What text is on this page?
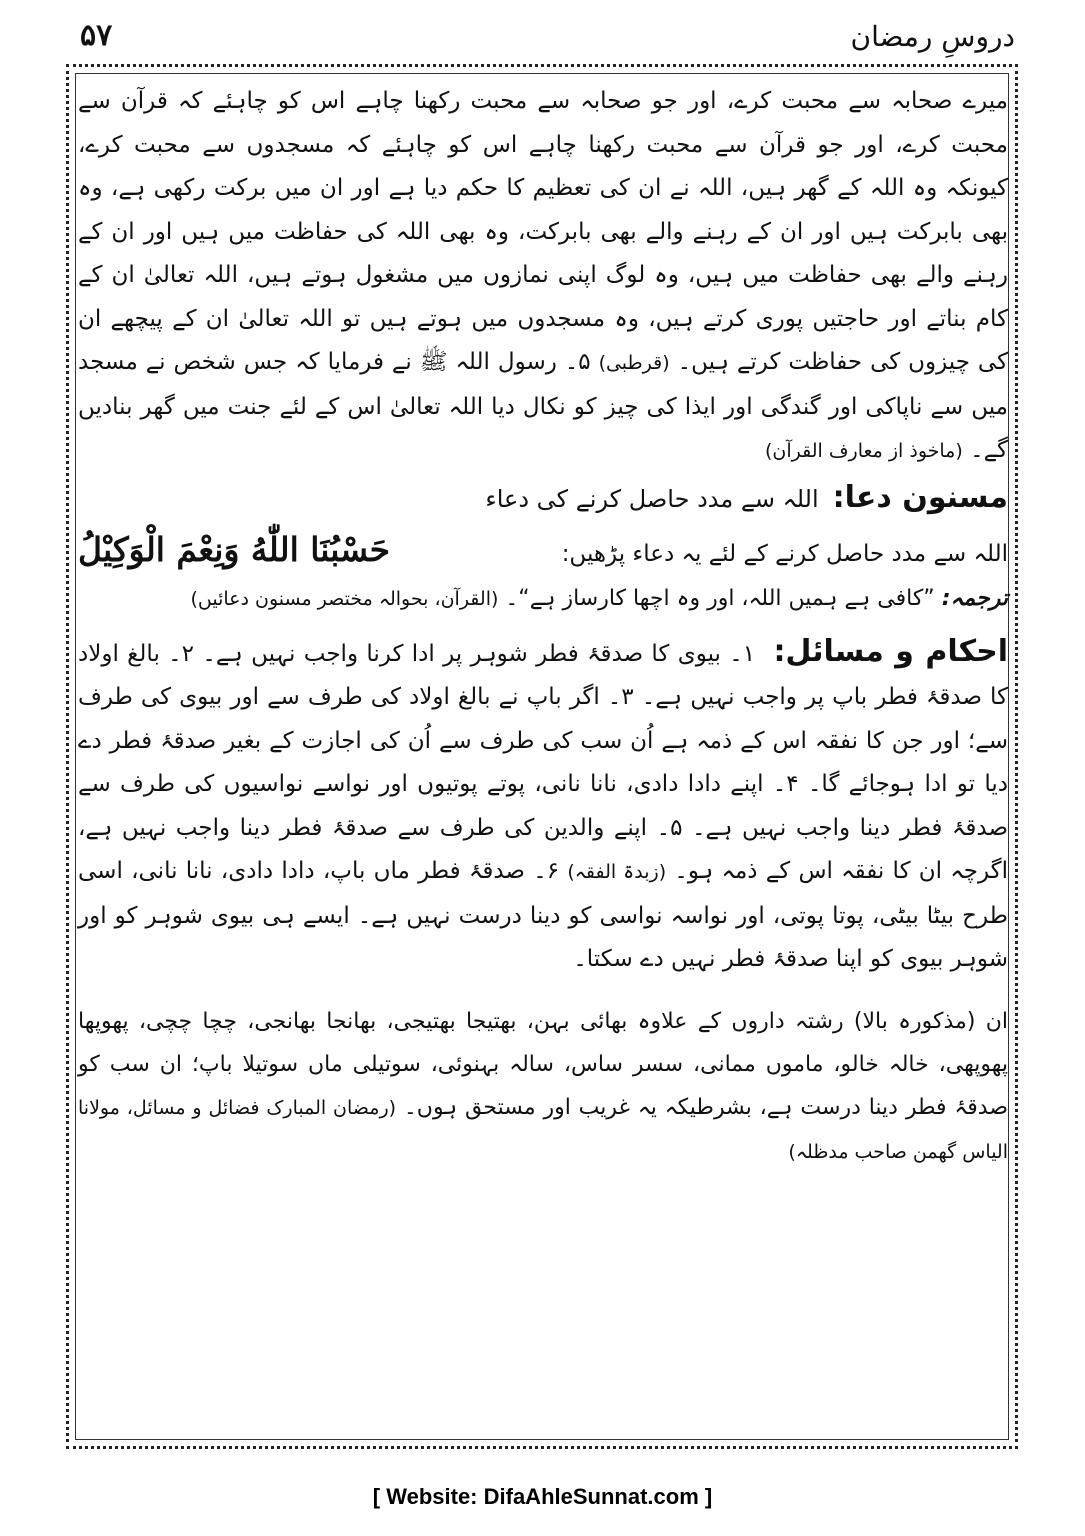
۵۷	دروسِ رمضان

میرے صحابہ سے محبت کرے، اور جو صحابہ سے محبت رکھنا چاہے اس کو چاہئے کہ قرآن سے محبت کرے، اور جو قرآن سے محبت رکھنا چاہے اس کو چاہئے کہ مسجدوں سے محبت کرے، کیونکہ وہ اللہ کے گھر ہیں، اللہ نے ان کی تعظیم کا حکم دیا ہے اور ان میں برکت رکھی ہے، وہ بھی بابرکت ہیں اور ان کے رہنے والے بھی بابرکت، وہ بھی اللہ کی حفاظت میں ہیں اور ان کے رہنے والے بھی حفاظت میں ہیں، وہ لوگ اپنی نمازوں میں مشغول ہوتے ہیں، اللہ تعالیٰ ان کے کام بناتے اور حاجتیں پوری کرتے ہیں، وہ مسجدوں میں ہوتے ہیں تو اللہ تعالیٰ ان کے پیچھے ان کی چیزوں کی حفاظت کرتے ہیں۔ (قرطبی) ۵۔ رسول اللہ ﷺ نے فرمایا کہ جس شخص نے مسجد میں سے ناپاکی اور گندگی اور ایذا کی چیز کو نکال دیا اللہ تعالیٰ اس کے لئے جنت میں گھر بنادیں گے۔ (ماخوذ از معارف القرآن)

مسنون دعا:
اللہ سے مدد حاصل کرنے کی دعاء
اللہ سے مدد حاصل کرنے کے لئے یہ دعاء پڑھیں:
حَسْبُنَا اللّٰهُ وَنِعْمَ الْوَكِيْلُ
ترجمہ: ”کافی ہے ہمیں اللہ، اور وہ اچھا کارساز ہے“۔ (القرآن، بحوالہ مختصر مسنون دعائیں)

احکام و مسائل: ۱۔ بیوی کا صدقۂ فطر شوہر پر ادا کرنا واجب نہیں ہے۔ ۲۔ بالغ اولاد کا صدقۂ فطر باپ پر واجب نہیں ہے۔ ۳۔ اگر باپ نے بالغ اولاد کی طرف سے اور بیوی کی طرف سے؛ اور جن کا نفقہ اس کے ذمہ ہے اُن سب کی طرف سے اُن کی اجازت کے بغیر صدقۂ فطر دے دیا تو ادا ہوجائے گا۔ ۴۔ اپنے دادا دادی، نانا نانی، پوتے پوتیوں اور نواسے نواسیوں کی طرف سے صدقۂ فطر دینا واجب نہیں ہے۔ ۵۔ اپنے والدین کی طرف سے صدقۂ فطر دینا واجب نہیں ہے، اگرچہ ان کا نفقہ اس کے ذمہ ہو۔ (زبدۃ الفقہ) ۶۔ صدقۂ فطر ماں باپ، دادا دادی، نانا نانی، اسی طرح بیٹا بیٹی، پوتا پوتی، اور نواسہ نواسی کو دینا درست نہیں ہے۔ ایسے ہی بیوی شوہر کو اور شوہر بیوی کو اپنا صدقۂ فطر نہیں دے سکتا۔

ان (مذکورہ بالا) رشتہ داروں کے علاوہ بھائی بہن، بھتیجا بھتیجی، بھانجا بھانجی، چچا چچی، پھوپھا پھوپھی، خالہ خالو، ماموں ممانی، سسر ساس، سالہ بہنوئی، سوتیلی ماں سوتیلا باپ؛ ان سب کو صدقۂ فطر دینا درست ہے، بشرطیکہ یہ غریب اور مستحق ہوں۔ (رمضان المبارک فضائل و مسائل، مولانا الیاس گھمن صاحب مدظلہ)

[ Website: DifaAhleSunnat.com ]
